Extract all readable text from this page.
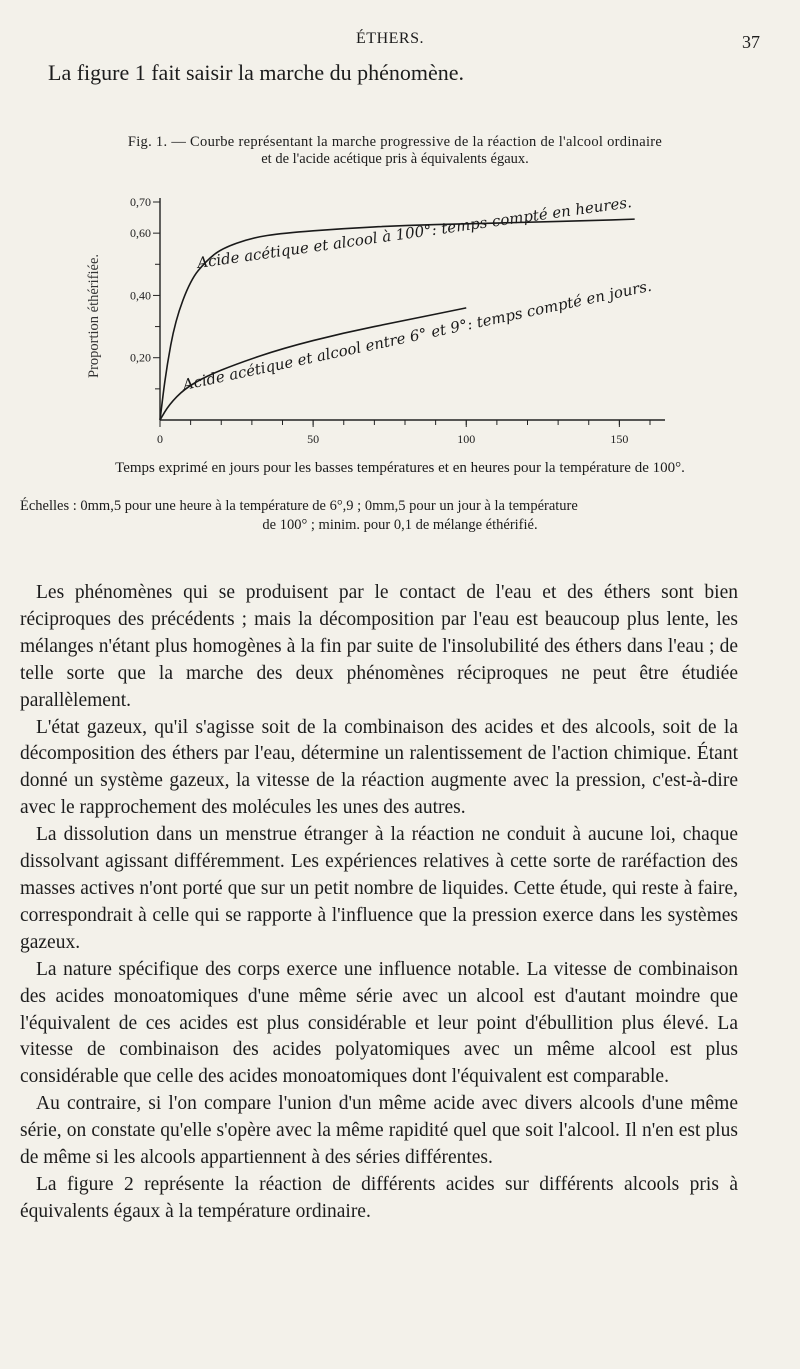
ÉTHERS.	37
La figure 1 fait saisir la marche du phénomène.
Fig. 1. — Courbe représentant la marche progressive de la réaction de l'alcool ordinaire
et de l'acide acétique pris à équivalents égaux.
0	50	100	150
0,70
0,60
0,40
0,20
Proportion éthérifiée.
Acide acétique et alcool à 100°: temps compté en heures.
Acide acétique et alcool entre 6° et 9°: temps compté en jours.
Temps exprimé en jours pour les basses températures et en heures pour la température de 100°.
Échelles : 0mm,5 pour une heure à la température de 6°,9 ; 0mm,5 pour un jour à la température
de 100° ; minim. pour 0,1 de mélange éthérifié.

Les phénomènes qui se produisent par le contact de l'eau et des éthers sont bien réciproques des précédents ; mais la décomposition par l'eau est beaucoup plus lente, les mélanges n'étant plus homogènes à la fin par suite de l'insolubilité des éthers dans l'eau ; de telle sorte que la marche des deux phénomènes réciproques ne peut être étudiée parallèlement.

L'état gazeux, qu'il s'agisse soit de la combinaison des acides et des alcools, soit de la décomposition des éthers par l'eau, détermine un ralentissement de l'action chimique. Étant donné un système gazeux, la vitesse de la réaction augmente avec la pression, c'est-à-dire avec le rapprochement des molécules les unes des autres.

La dissolution dans un menstrue étranger à la réaction ne conduit à aucune loi, chaque dissolvant agissant différemment. Les expériences relatives à cette sorte de raréfaction des masses actives n'ont porté que sur un petit nombre de liquides. Cette étude, qui reste à faire, correspondrait à celle qui se rapporte à l'influence que la pression exerce dans les systèmes gazeux.

La nature spécifique des corps exerce une influence notable. La vitesse de combinaison des acides monoatomiques d'une même série avec un alcool est d'autant moindre que l'équivalent de ces acides est plus considérable et leur point d'ébullition plus élevé. La vitesse de combinaison des acides polyatomiques avec un même alcool est plus considérable que celle des acides monoatomiques dont l'équivalent est comparable.

Au contraire, si l'on compare l'union d'un même acide avec divers alcools d'une même série, on constate qu'elle s'opère avec la même rapidité quel que soit l'alcool. Il n'en est plus de même si les alcools appartiennent à des séries différentes.

La figure 2 représente la réaction de différents acides sur différents alcools pris à équivalents égaux à la température ordinaire.
